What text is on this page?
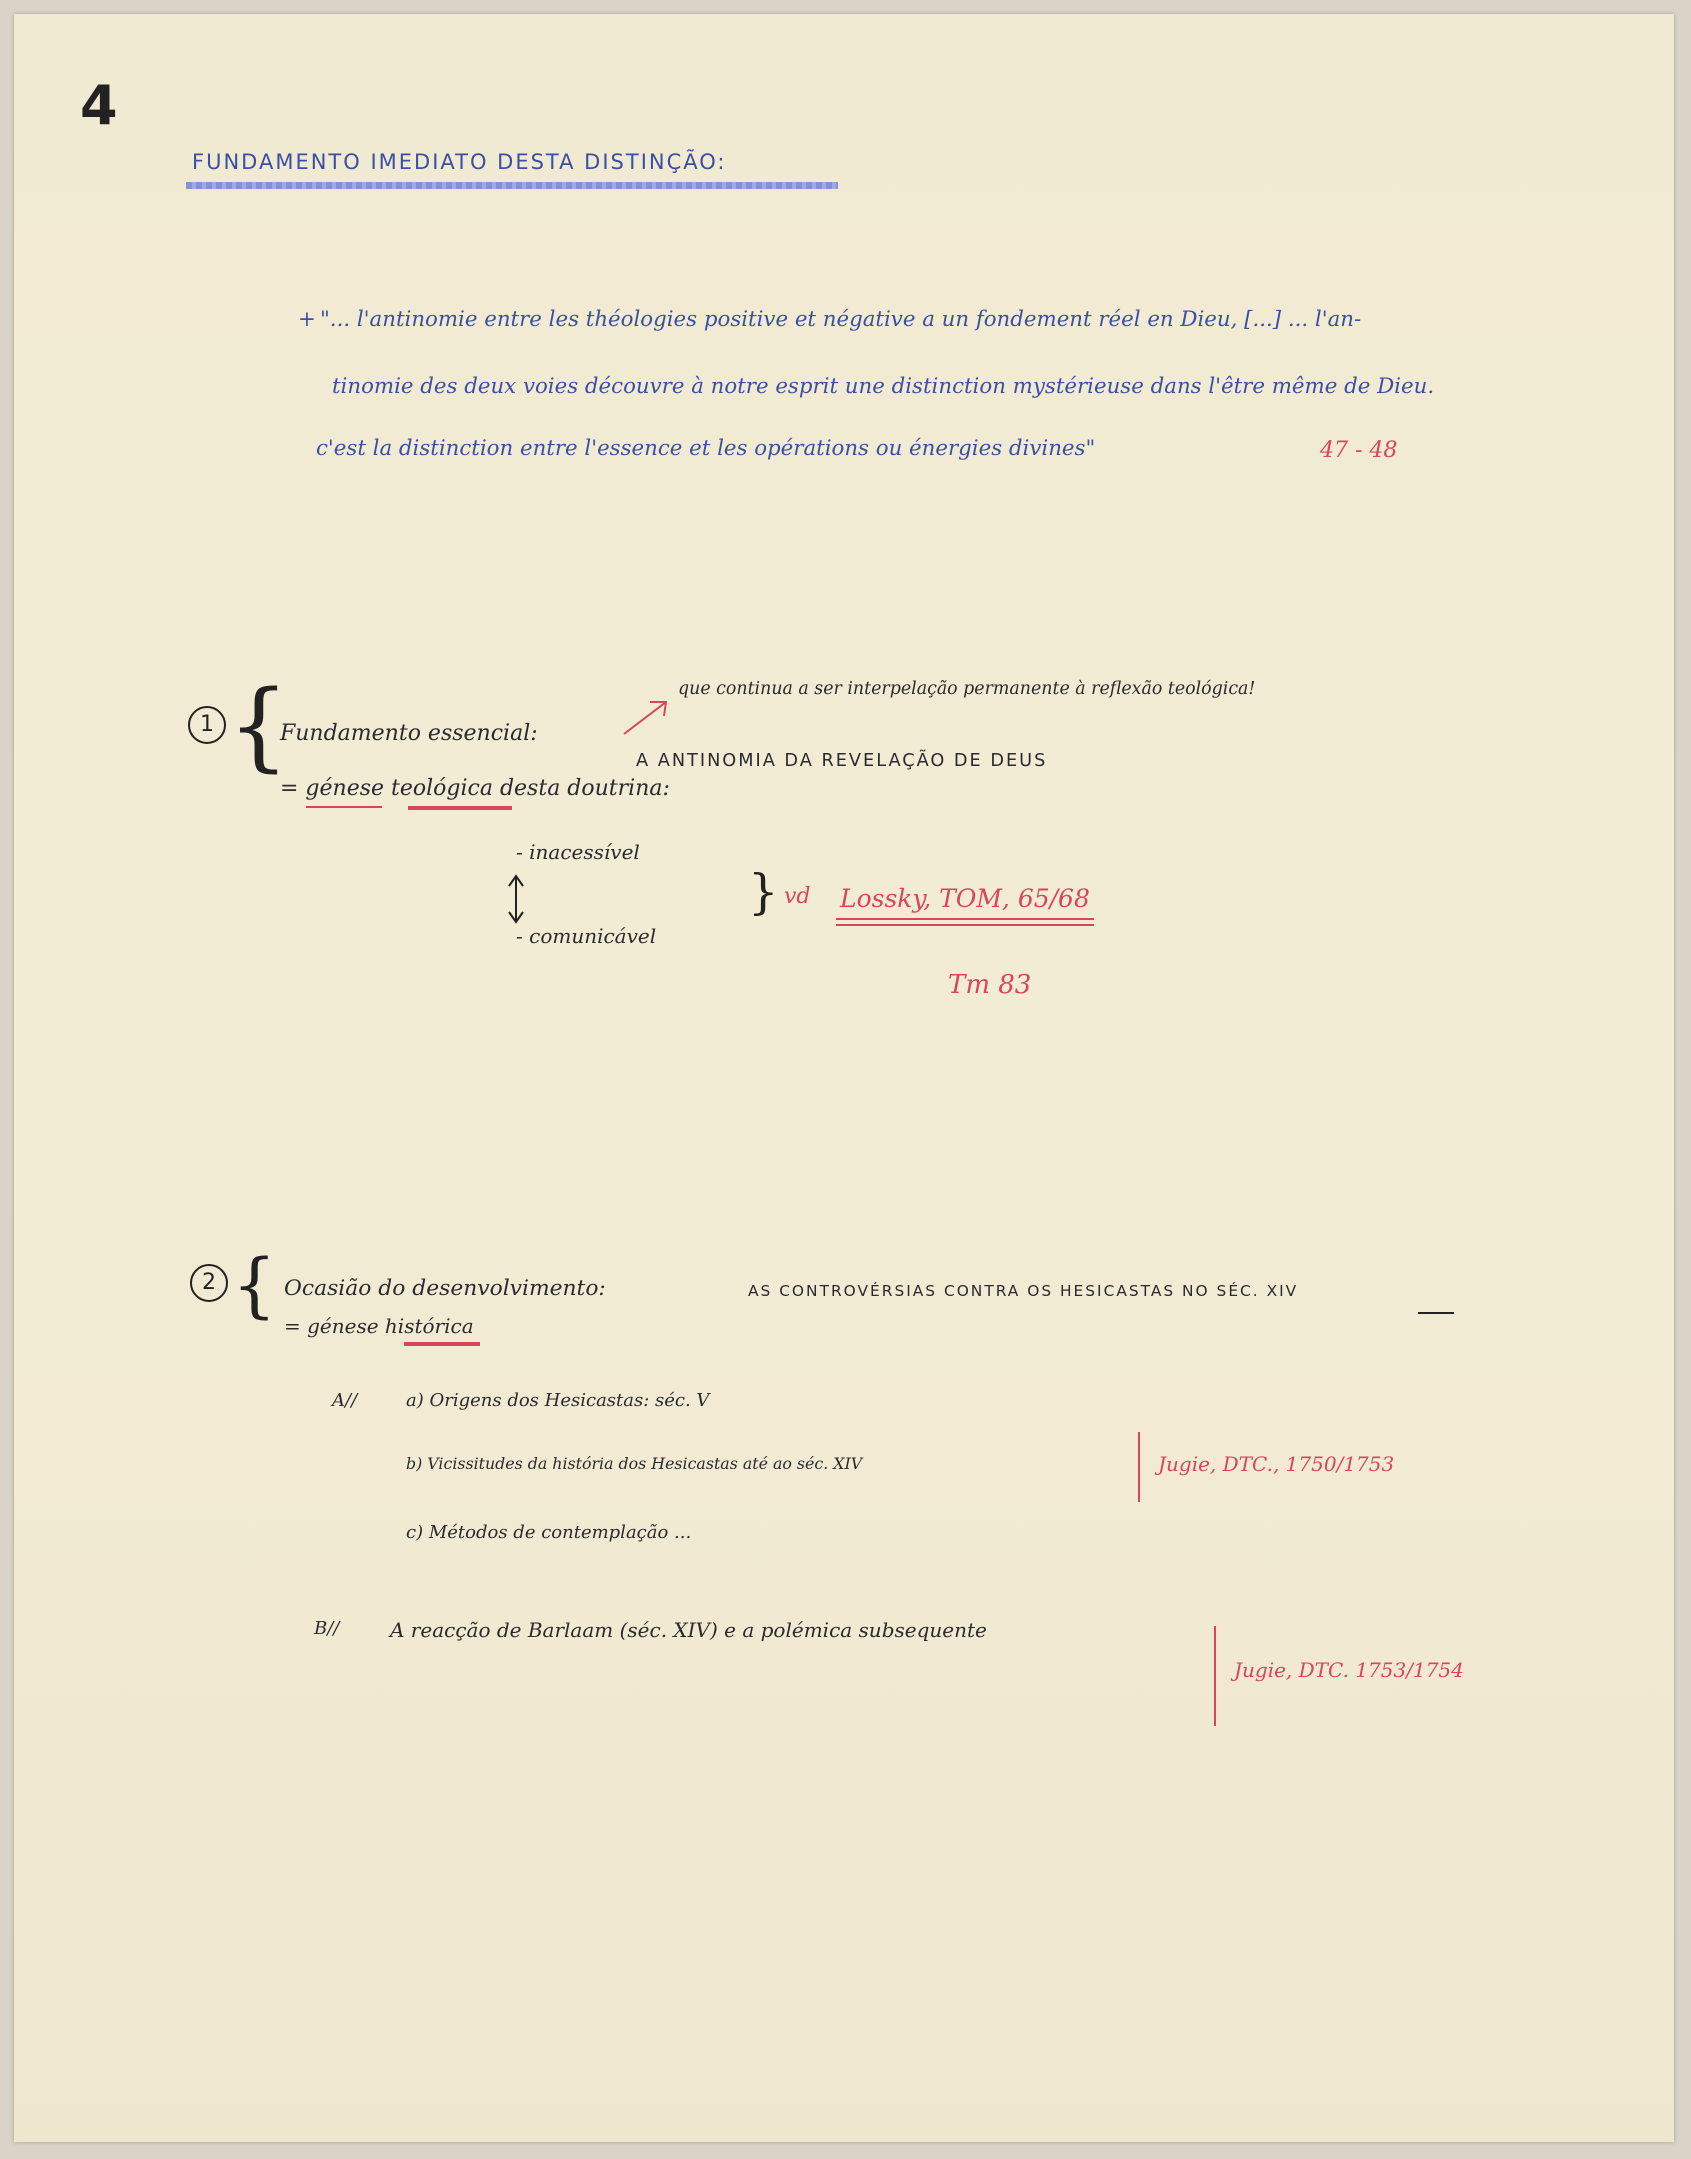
4
FUNDAMENTO IMEDIATO DESTA DISTINÇÃO:
+ "... l'antinomie entre les théologies positive et négative a un fondement réel en Dieu, [...] ... l'an-
tinomie des deux voies découvre à notre esprit une distinction mystérieuse dans l'être même de Dieu.
c'est la distinction entre l'essence et les opérations ou énergies divines"	47 - 48
1 {	que continua a ser interpelação permanente à reflexão teológica!
Fundamento essencial:
A ANTINOMIA DA REVELAÇÃO DE DEUS
= génese teológica desta doutrina:
- inacessível
- comunicável
} vd Lossky, TOM, 65/68
Tm 83
2 { Ocasião do desenvolvimento:	AS CONTROVÉRSIAS CONTRA OS HESICASTAS NO SÉC. XIV
= génese histórica
A//	a) Origens dos Hesicastas: séc. V
b) Vicissitudes da história dos Hesicastas até ao séc. XIV
c) Métodos de contemplação ...
Jugie, DTC., 1750/1753
B//	A reacção de Barlaam (séc. XIV) e a polémica subsequente
Jugie, DTC. 1753/1754
